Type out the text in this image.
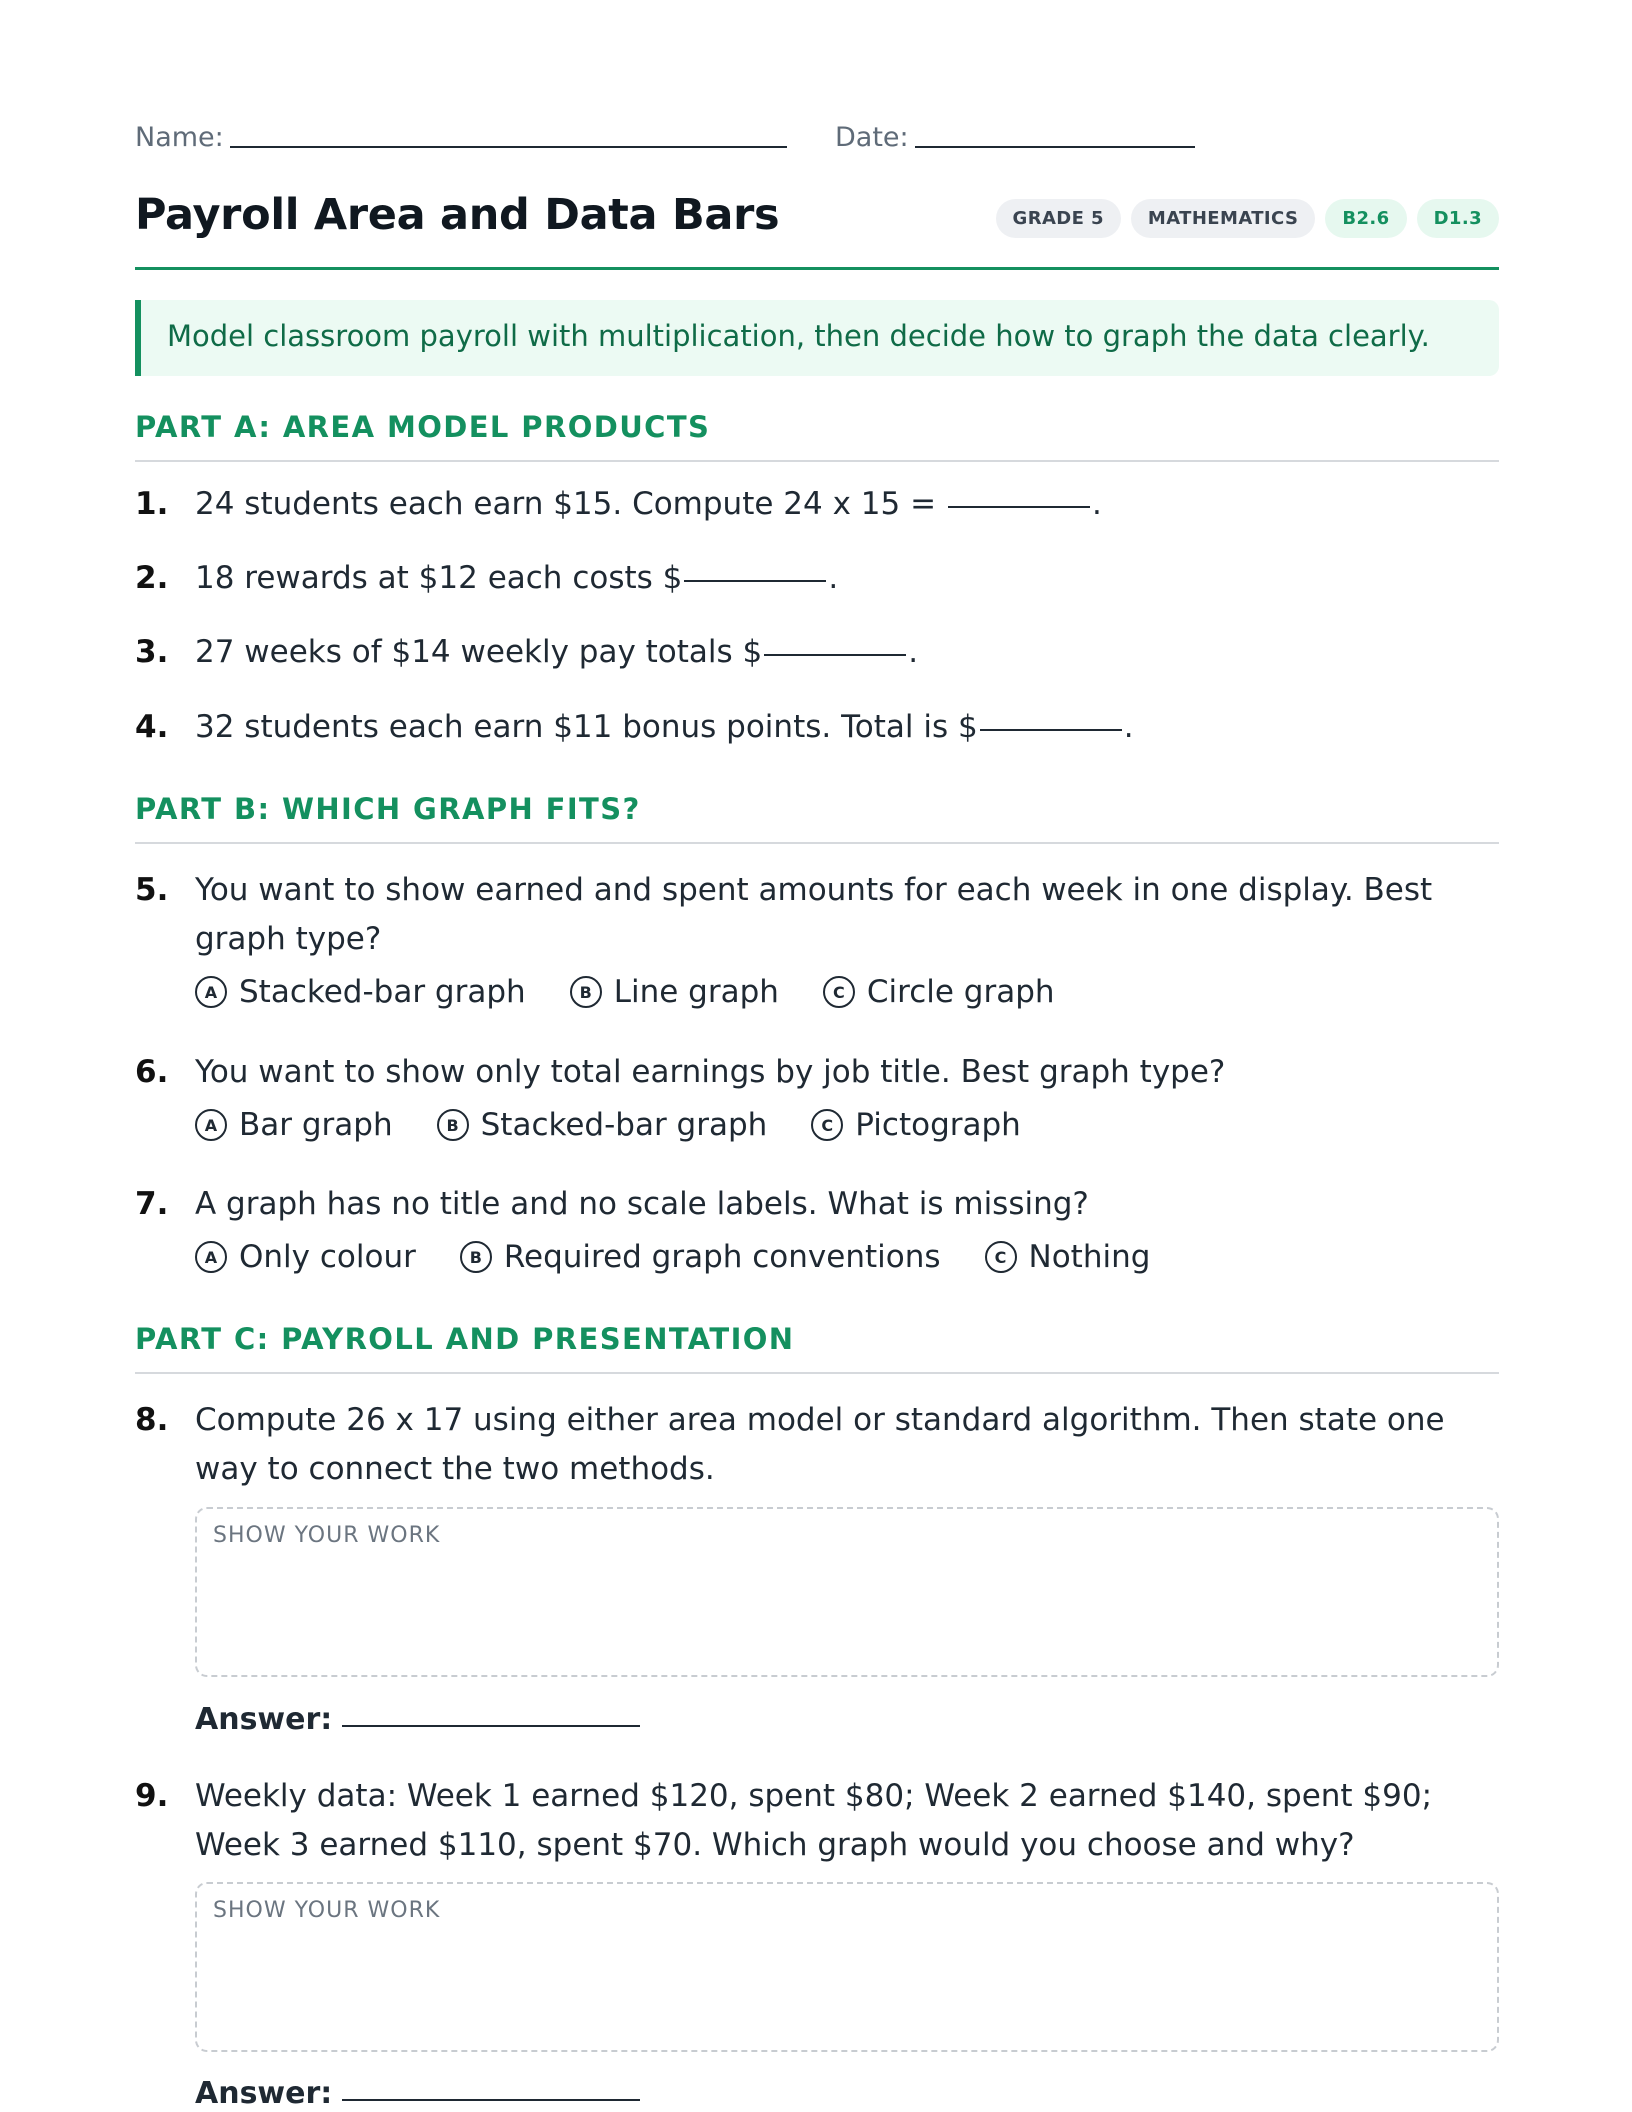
Name:	Date:
Payroll Area and Data Bars	GRADE 5	MATHEMATICS	B2.6	D1.3
Model classroom payroll with multiplication, then decide how to graph the data clearly.
PART A: AREA MODEL PRODUCTS
1. 24 students each earn $15. Compute 24 x 15 =	.
2. 18 rewards at $12 each costs $	.
3. 27 weeks of $14 weekly pay totals $	.
4. 32 students each earn $11 bonus points. Total is $	.
PART B: WHICH GRAPH FITS?
5. You want to show earned and spent amounts for each week in one display. Best graph type?
A Stacked-bar graph	B Line graph	C Circle graph
6. You want to show only total earnings by job title. Best graph type?
A Bar graph	B Stacked-bar graph	C Pictograph
7. A graph has no title and no scale labels. What is missing?
A Only colour	B Required graph conventions	C Nothing
PART C: PAYROLL AND PRESENTATION
8. Compute 26 x 17 using either area model or standard algorithm. Then state one way to connect the two methods.
SHOW YOUR WORK
Answer:
9. Weekly data: Week 1 earned $120, spent $80; Week 2 earned $140, spent $90; Week 3 earned $110, spent $70. Which graph would you choose and why?
SHOW YOUR WORK
Answer:
